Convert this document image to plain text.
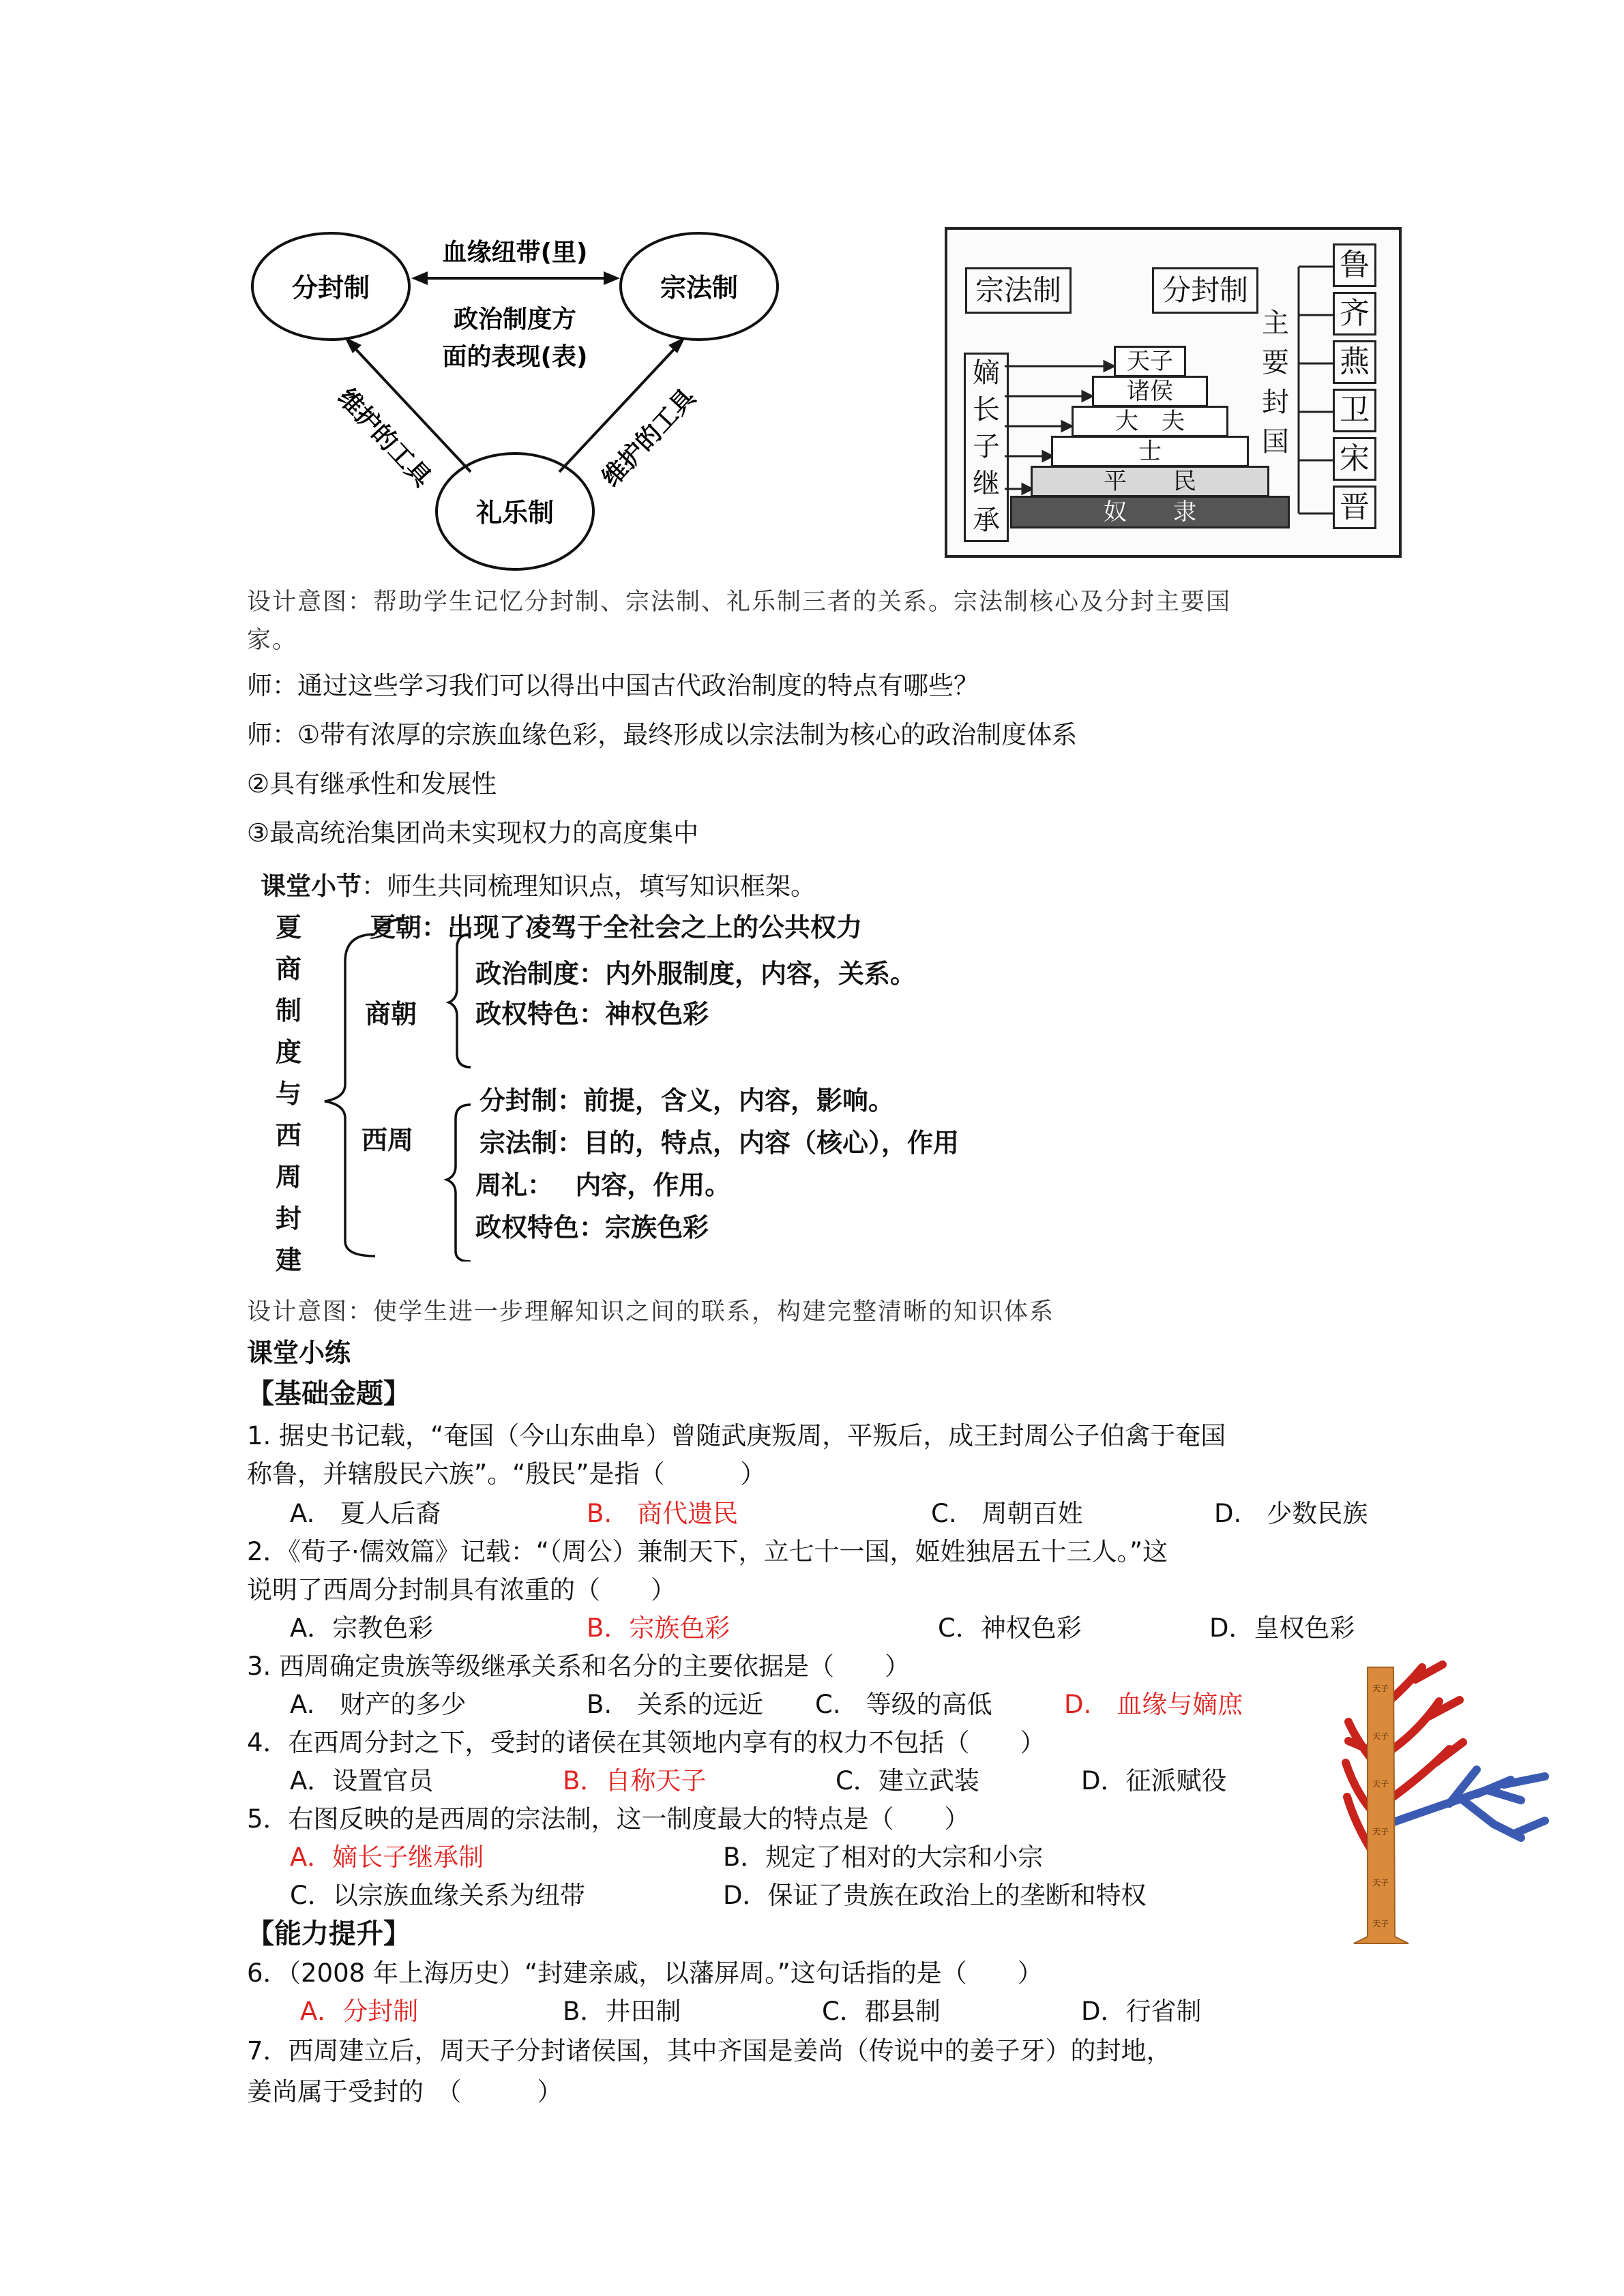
分封制	宗法制
礼乐制
血缘纽带(里)
政治制度方
面的表现(表)
维护的工具	维护的工具
宗法制	分封制
嫡
长
子
继
承
天子
诸侯
大　夫
士
平　　民
奴　　隶
主
要
封
国
鲁
齐
燕
卫
宋
晋
设计意图：帮助学生记忆分封制、宗法制、礼乐制三者的关系。宗法制核心及分封主要国
家。
师：通过这些学习我们可以得出中国古代政治制度的特点有哪些？
师：①带有浓厚的宗族血缘色彩，最终形成以宗法制为核心的政治制度体系
②具有继承性和发展性
③最高统治集团尚未实现权力的高度集中
课堂小节：师生共同梳理知识点，填写知识框架。
夏
商
制
度
与
西
周
封
建
夏朝：出现了凌驾于全社会之上的公共权力
商朝
政治制度：内外服制度，内容，关系。
政权特色：神权色彩
西周
分封制：前提，含义，内容，影响。
宗法制：目的，特点，内容（核心），作用
周礼：　 内容，作用。
政权特色：宗族色彩
设计意图：使学生进一步理解知识之间的联系，构建完整清晰的知识体系
课堂小练
【基础金题】
1. 据史书记载，“奄国（今山东曲阜）曾随武庚叛周，平叛后，成王封周公子伯禽于奄国
称鲁，并辖殷民六族”。“殷民”是指（　　　）
A.　夏人后裔	B.　商代遗民	C.　周朝百姓	D.　少数民族
2．《荀子·儒效篇》记载：“（周公）兼制天下，立七十一国，姬姓独居五十三人。”这
说明了西周分封制具有浓重的（　　）
A．宗教色彩	B．宗族色彩	C．神权色彩	D．皇权色彩
3. 西周确定贵族等级继承关系和名分的主要依据是（　　）
A.　财产的多少	B.　关系的远近 C.　等级的高低	D.　血缘与嫡庶
4．在西周分封之下，受封的诸侯在其领地内享有的权力不包括（　　）
A．设置官员	B．自称天子	C．建立武装	D．征派赋役
5．右图反映的是西周的宗法制，这一制度最大的特点是（　　）
A．嫡长子继承制	B．规定了相对的大宗和小宗
C．以宗族血缘关系为纽带	D．保证了贵族在政治上的垄断和特权
【能力提升】
6．（2008 年上海历史）“封建亲戚，以藩屏周。”这句话指的是（　　）
A．分封制	B．井田制	C．郡县制	D．行省制
7．西周建立后，周天子分封诸侯国，其中齐国是姜尚（传说中的姜子牙）的封地，
姜尚属于受封的　（　　　）
天子
天子
天子
天子
天子
天子
